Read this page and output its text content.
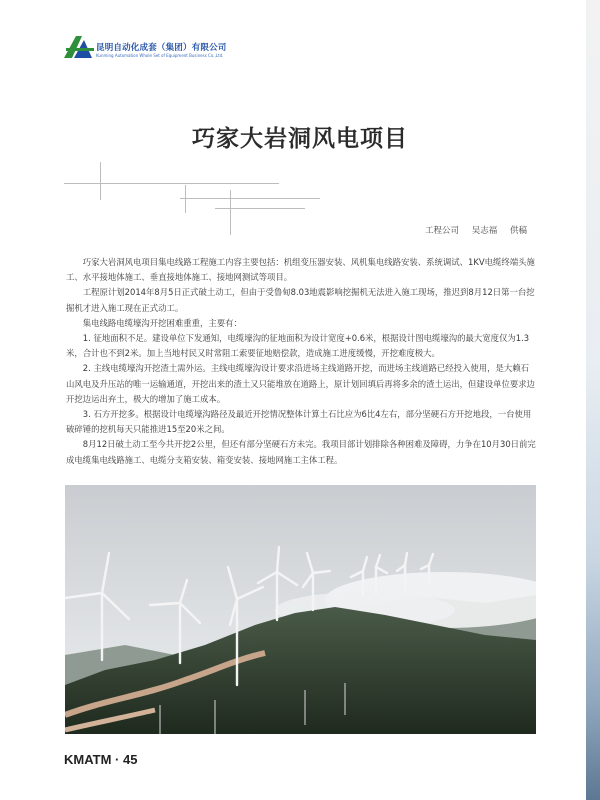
昆明自动化成套（集团）有限公司
Kunming Automation Whole Set of Equipment Business Co.,Ltd.
巧家大岩洞风电项目
工程公司 吴志福 供稿

巧家大岩洞风电项目集电线路工程施工内容主要包括：机组变压器安装、风机集电线路安装、系统调试、1KV电缆终端头施工、水平接地体施工、垂直接地体施工、接地网测试等项目。

工程原计划2014年8月5日正式破土动工，但由于受鲁甸8.03地震影响挖掘机无法进入施工现场，推迟到8月12日第一台挖掘机才进入施工现在正式动工。

集电线路电缆壕沟开挖困难重重，主要有：

1. 征地面积不足。建设单位下发通知，电缆壕沟的征地面积为设计宽度+0.6米，根据设计图电缆壕沟的最大宽度仅为1.3米，合计也不到2米。加上当地村民又时常阻工索要征地赔偿款，造成施工进度缓慢，开挖难度极大。

2. 主线电缆壕沟开挖渣土需外运。主线电缆壕沟设计要求沿进场主线道路开挖，而进场主线道路已经投入使用，是大赖石山风电及升压站的唯一运输通道，开挖出来的渣土又只能堆放在道路上，原计划回填后再将多余的渣土运出，但建设单位要求边开挖边运出弃土，极大的增加了施工成本。

3. 石方开挖多。根据设计电缆壕沟路径及最近开挖情况整体计算土石比应为6比4左右，部分坚硬石方开挖地段，一台使用破碎锤的挖机每天只能推进15至20米之间。

8月12日破土动工至今共开挖2公里，但还有部分坚硬石方未完。我项目部计划排除各种困难及障碍，力争在10月30日前完成电缆集电线路施工、电缆分支箱安装、箱变安装、接地网施工主体工程。

KMATM · 45
